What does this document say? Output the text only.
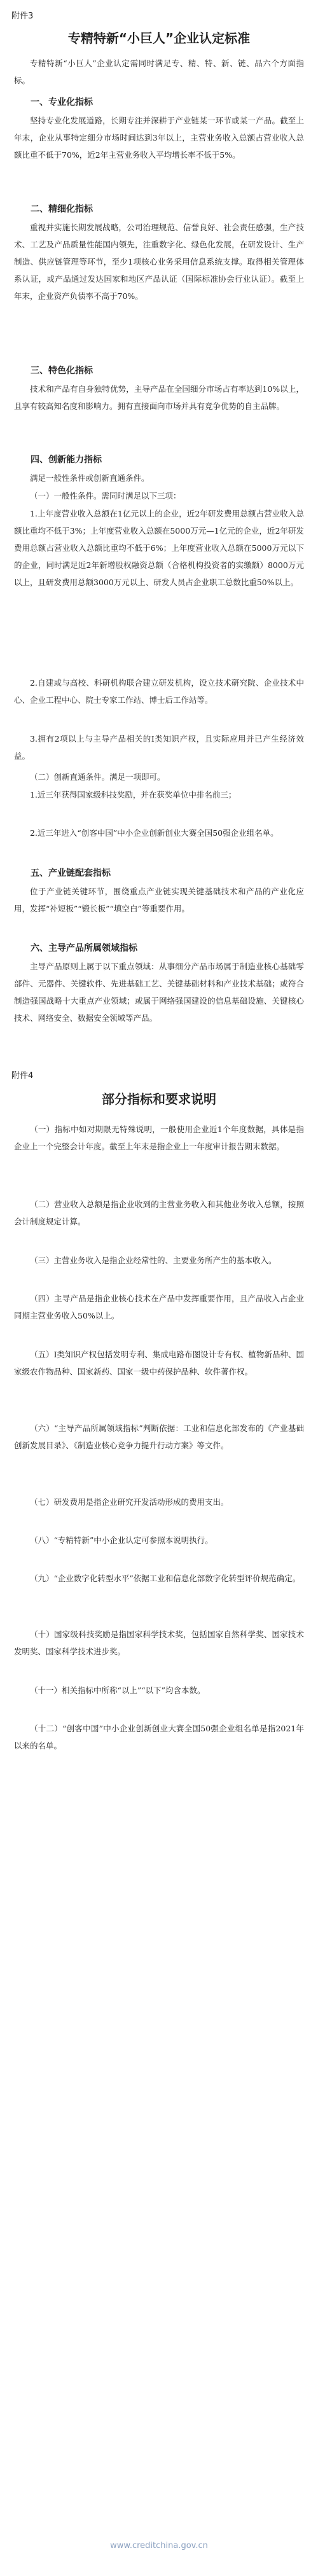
附件3
专精特新“小巨人”企业认定标准
专精特新“小巨人”企业认定需同时满足专、精、特、新、链、品六个方面指标。
一、专业化指标
坚持专业化发展道路，长期专注并深耕于产业链某一环节或某一产品。截至上年末，企业从事特定细分市场时间达到3年以上，主营业务收入总额占营业收入总额比重不低于70%，近2年主营业务收入平均增长率不低于5%。
二、精细化指标
重视并实施长期发展战略，公司治理规范、信誉良好、社会责任感强，生产技术、工艺及产品质量性能国内领先，注重数字化、绿色化发展，在研发设计、生产制造、供应链管理等环节，至少1项核心业务采用信息系统支撑。取得相关管理体系认证，或产品通过发达国家和地区产品认证（国际标准协会行业认证）。截至上年末，企业资产负债率不高于70%。
三、特色化指标
技术和产品有自身独特优势，主导产品在全国细分市场占有率达到10%以上，且享有较高知名度和影响力。拥有直接面向市场并具有竞争优势的自主品牌。
四、创新能力指标
满足一般性条件或创新直通条件。
（一）一般性条件。需同时满足以下三项：
1.上年度营业收入总额在1亿元以上的企业，近2年研发费用总额占营业收入总额比重均不低于3%；上年度营业收入总额在5000万元—1亿元的企业，近2年研发费用总额占营业收入总额比重均不低于6%；上年度营业收入总额在5000万元以下的企业，同时满足近2年新增股权融资总额（合格机构投资者的实缴额）8000万元以上，且研发费用总额3000万元以上、研发人员占企业职工总数比重50%以上。
2.自建或与高校、科研机构联合建立研发机构，设立技术研究院、企业技术中心、企业工程中心、院士专家工作站、博士后工作站等。
3.拥有2项以上与主导产品相关的Ⅰ类知识产权，且实际应用并已产生经济效益。
（二）创新直通条件。满足一项即可。
1.近三年获得国家级科技奖励，并在获奖单位中排名前三；
2.近三年进入“创客中国”中小企业创新创业大赛全国50强企业组名单。
五、产业链配套指标
位于产业链关键环节，围绕重点产业链实现关键基础技术和产品的产业化应用，发挥“补短板”“锻长板”“填空白”等重要作用。
六、主导产品所属领域指标
主导产品原则上属于以下重点领域：从事细分产品市场属于制造业核心基础零部件、元器件、关键软件、先进基础工艺、关键基础材料和产业技术基础；或符合制造强国战略十大重点产业领域；或属于网络强国建设的信息基础设施、关键核心技术、网络安全、数据安全领域等产品。
附件4
部分指标和要求说明
（一）指标中如对期限无特殊说明，一般使用企业近1个年度数据，具体是指企业上一个完整会计年度。截至上年末是指企业上一年度审计报告期末数据。
（二）营业收入总额是指企业收到的主营业务收入和其他业务收入总额，按照会计制度规定计算。
（三）主营业务收入是指企业经常性的、主要业务所产生的基本收入。
（四）主导产品是指企业核心技术在产品中发挥重要作用，且产品收入占企业同期主营业务收入50%以上。
（五）Ⅰ类知识产权包括发明专利、集成电路布图设计专有权、植物新品种、国家级农作物品种、国家新药、国家一级中药保护品种、软件著作权。
（六）“主导产品所属领域指标”判断依据：工业和信息化部发布的《产业基础创新发展目录》、《制造业核心竞争力提升行动方案》等文件。
（七）研发费用是指企业研究开发活动形成的费用支出。
（八）“专精特新”中小企业认定可参照本说明执行。
（九）“企业数字化转型水平”依据工业和信息化部数字化转型评价规范确定。
（十）国家级科技奖励是指国家科学技术奖，包括国家自然科学奖、国家技术发明奖、国家科学技术进步奖。
（十一）相关指标中所称“以上”“以下”均含本数。
（十二）“创客中国”中小企业创新创业大赛全国50强企业组名单是指2021年以来的名单。
www.creditchina.gov.cn
